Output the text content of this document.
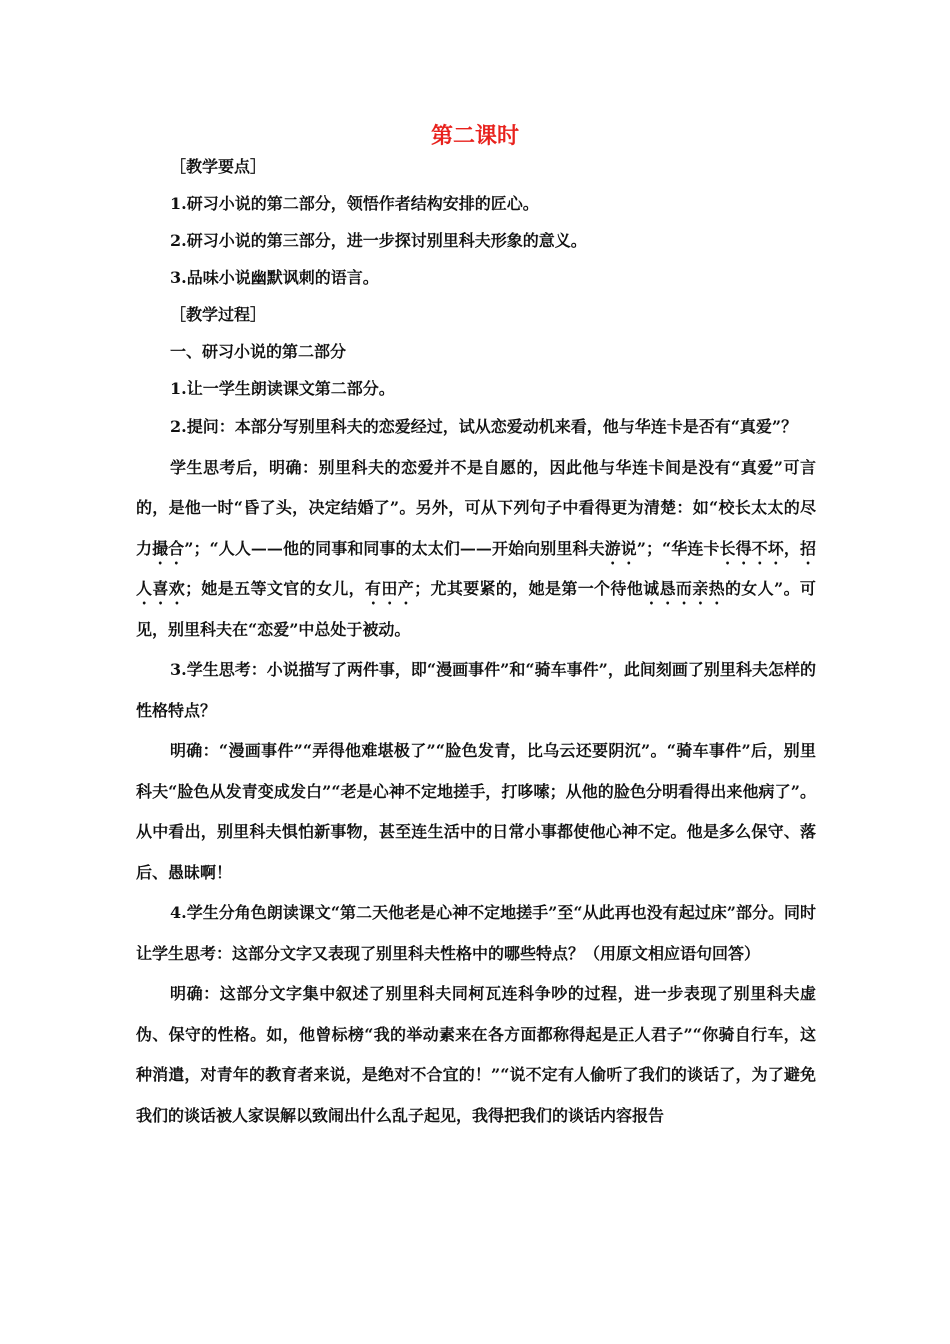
第二课时
［教学要点］
1.研习小说的第二部分，领悟作者结构安排的匠心。
2.研习小说的第三部分，进一步探讨别里科夫形象的意义。
3.品味小说幽默讽刺的语言。
［教学过程］
一、研习小说的第二部分
1.让一学生朗读课文第二部分。
2.提问：本部分写别里科夫的恋爱经过，试从恋爱动机来看，他与华连卡是否有“真爱”？
学生思考后，明确：别里科夫的恋爱并不是自愿的，因此他与华连卡间是没有“真爱”可言的，是他一时“昏了头，决定结婚了”。另外，可从下列句子中看得更为清楚：如“校长太太的尽力撮合”；“人人——他的同事和同事的太太们——开始向别里科夫游说”；“华连卡长得不坏，招人喜欢；她是五等文官的女儿，有田产；尤其要紧的，她是第一个待他诚恳而亲热的女人”。可见，别里科夫在“恋爱”中总处于被动。
3.学生思考：小说描写了两件事，即“漫画事件”和“骑车事件”，此间刻画了别里科夫怎样的性格特点？
明确：“漫画事件”“弄得他难堪极了”“脸色发青，比乌云还要阴沉”。“骑车事件”后，别里科夫“脸色从发青变成发白”“老是心神不定地搓手，打哆嗦；从他的脸色分明看得出来他病了”。从中看出，别里科夫惧怕新事物，甚至连生活中的日常小事都使他心神不定。他是多么保守、落后、愚昧啊！
4.学生分角色朗读课文“第二天他老是心神不定地搓手”至“从此再也没有起过床”部分。同时让学生思考：这部分文字又表现了别里科夫性格中的哪些特点？（用原文相应语句回答）
明确：这部分文字集中叙述了别里科夫同柯瓦连科争吵的过程，进一步表现了别里科夫虚伪、保守的性格。如，他曾标榜“我的举动素来在各方面都称得起是正人君子”“你骑自行车，这种消遣，对青年的教育者来说，是绝对不合宜的！”“说不定有人偷听了我们的谈话了，为了避免我们的谈话被人家误解以致闹出什么乱子起见，我得把我们的谈话内容报告
